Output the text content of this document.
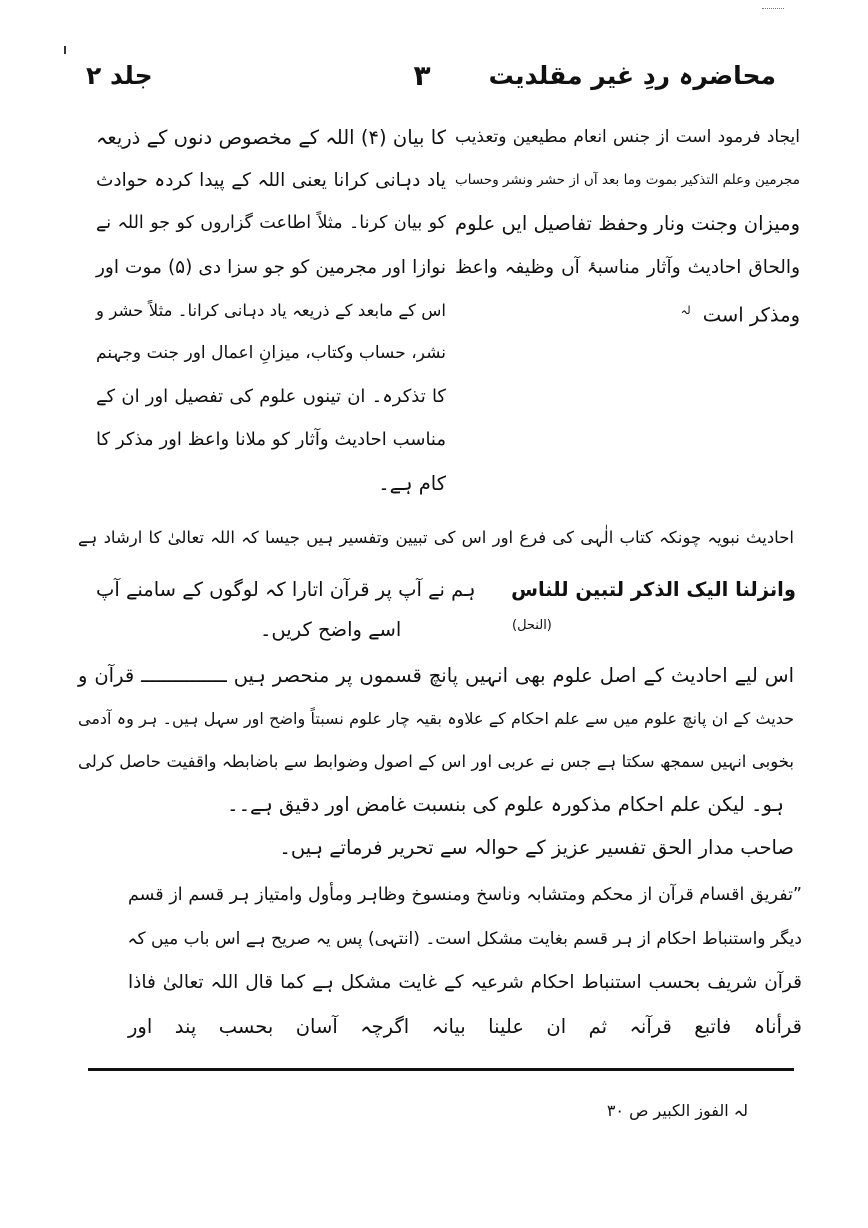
محاضرہ ردِ غیر مقلدیت
۳
جلد ۲
ایجاد فرمود است از جنس انعام مطیعین وتعذیب
مجرمین وعلم التذکیر بموت وما بعد آں از حشر ونشر وحساب
ومیزان وجنت ونار وحفظ تفاصیل ایں علوم
والحاق احادیث وآثار مناسبۂ آں وظیفہ واعظ
ومذکر است $^{لہ}$
کا بیان (۴) اللہ کے مخصوص دنوں کے ذریعہ
یاد دہانی کرانا یعنی اللہ کے پیدا کردہ حوادث
کو بیان کرنا۔ مثلاً اطاعت گزاروں کو جو اللہ نے
نوازا اور مجرمین کو جو سزا دی (۵) موت اور
اس کے مابعد کے ذریعہ یاد دہانی کرانا۔ مثلاً حشر و
نشر، حساب وکتاب، میزانِ اعمال اور جنت وجہنم
کا تذکرہ۔ ان تینوں علوم کی تفصیل اور ان کے
مناسب احادیث وآثار کو ملانا واعظ اور مذکر کا
کام ہے۔
احادیث نبویہ چونکہ کتاب الٰہی کی فرع اور اس کی تبیین وتفسیر ہیں جیسا کہ اللہ تعالیٰ کا ارشاد ہے
وانزلنا الیک الذکر لتبین للناس
ہم نے آپ پر قرآن اتارا کہ لوگوں کے سامنے آپ
اسے واضح کریں۔	(النحل)
اس لیے احادیث کے اصل علوم بھی انہیں پانچ قسموں پر منحصر ہیں ـــــــــــــــ قرآن و
حدیث کے ان پانچ علوم میں سے علم احکام کے علاوہ بقیہ چار علوم نسبتاً واضح اور سہل ہیں۔ ہر وہ آدمی
بخوبی انہیں سمجھ سکتا ہے جس نے عربی اور اس کے اصول وضوابط سے باضابطہ واقفیت حاصل کرلی
ہو۔ لیکن علم احکام مذکورہ علوم کی بنسبت غامض اور دقیق ہے۔۔
صاحب مدار الحق تفسیر عزیز کے حوالہ سے تحریر فرماتے ہیں۔
”تفریق اقسام قرآن از محکم ومتشابہ وناسخ ومنسوخ وظاہر ومأول وامتیاز ہر قسم از قسم
دیگر واستنباط احکام از ہر قسم بغایت مشکل است۔ (انتہی) پس یہ صریح ہے اس باب میں کہ
قرآن شریف بحسب استنباط احکام شرعیہ کے غایت مشکل ہے کما قال اللہ تعالیٰ فاذا
قرأناہ فاتبع قرآنہ ثم ان علینا بیانہ اگرچہ آسان بحسب پند اور
لہ الفوز الکبیر ص ۳۰
